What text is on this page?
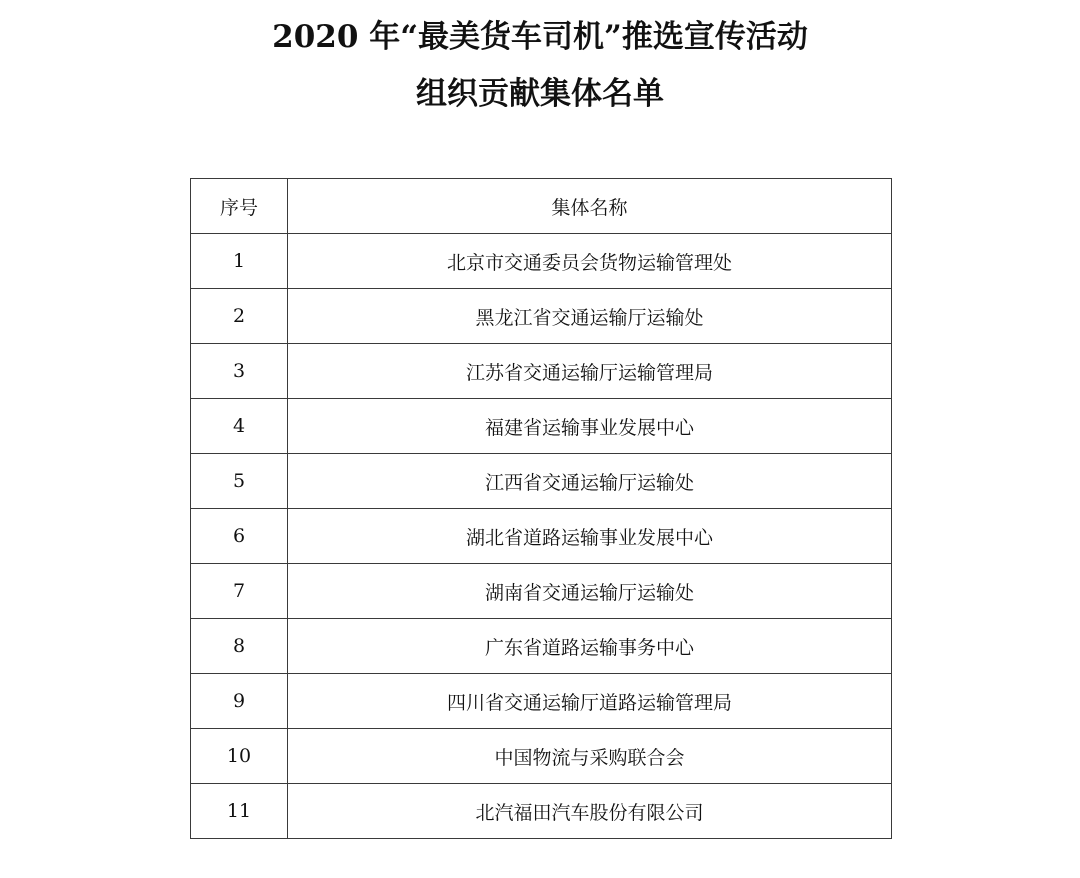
2020 年“最美货车司机”推选宣传活动
组织贡献集体名单
序号	集体名称
1	北京市交通委员会货物运输管理处
2	黑龙江省交通运输厅运输处
3	江苏省交通运输厅运输管理局
4	福建省运输事业发展中心
5	江西省交通运输厅运输处
6	湖北省道路运输事业发展中心
7	湖南省交通运输厅运输处
8	广东省道路运输事务中心
9	四川省交通运输厅道路运输管理局
10	中国物流与采购联合会
11	北汽福田汽车股份有限公司
